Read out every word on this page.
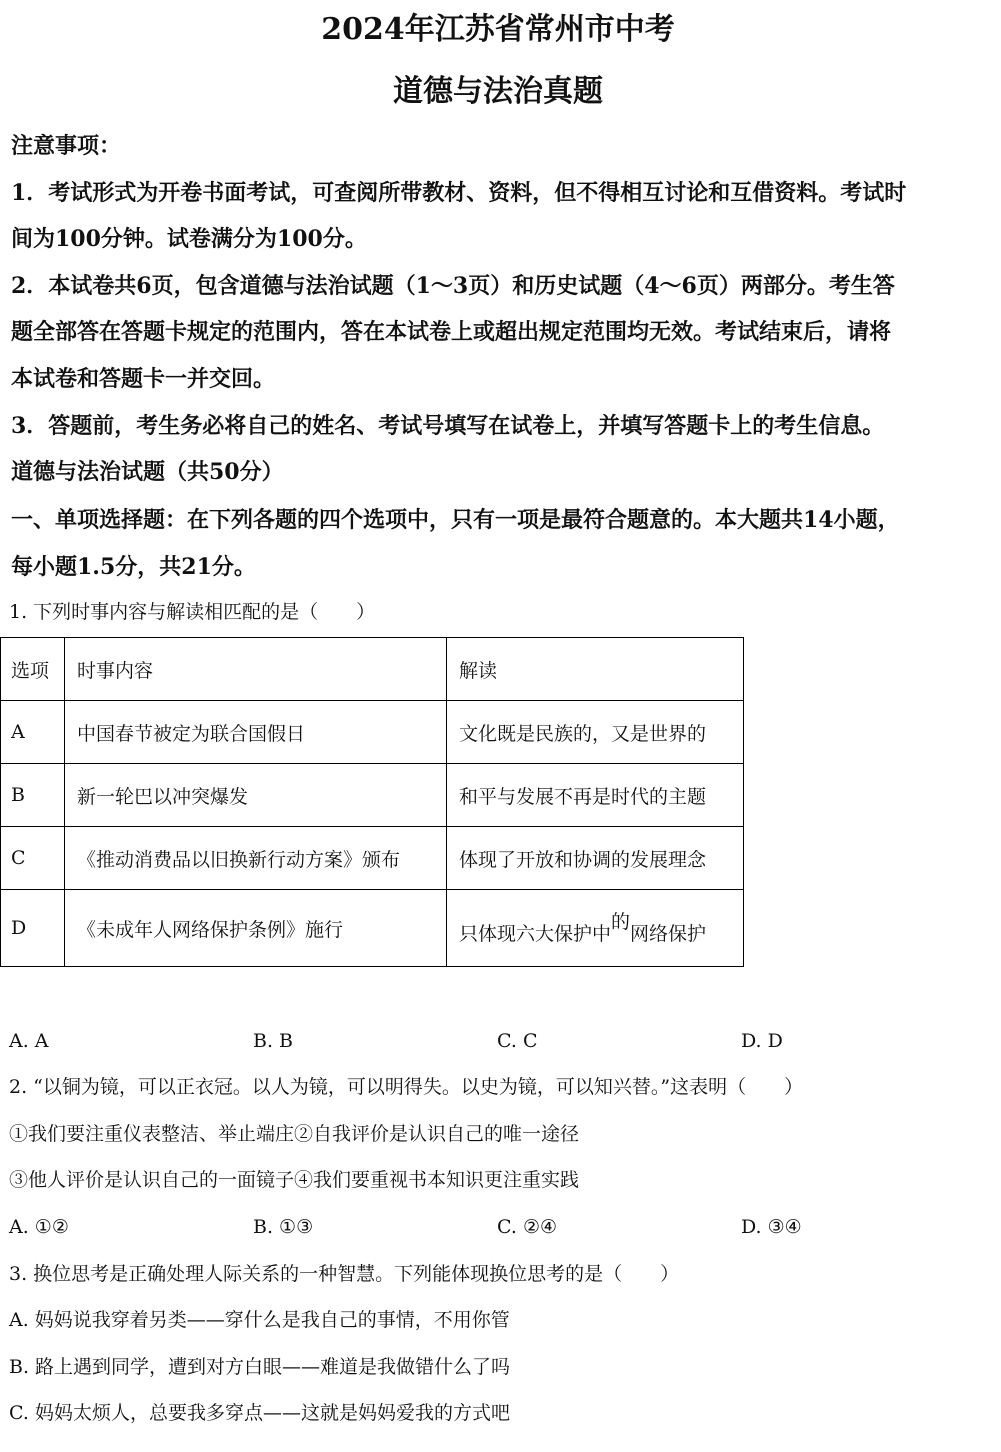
2024年江苏省常州市中考
道德与法治真题
注意事项：
1．考试形式为开卷书面考试，可查阅所带教材、资料，但不得相互讨论和互借资料。考试时
间为100分钟。试卷满分为100分。
2．本试卷共6页，包含道德与法治试题（1～3页）和历史试题（4～6页）两部分。考生答
题全部答在答题卡规定的范围内，答在本试卷上或超出规定范围均无效。考试结束后，请将
本试卷和答题卡一并交回。
3．答题前，考生务必将自己的姓名、考试号填写在试卷上，并填写答题卡上的考生信息。
道德与法治试题（共50分）
一、单项选择题：在下列各题的四个选项中，只有一项是最符合题意的。本大题共14小题，
每小题1.5分，共21分。
1. 下列时事内容与解读相匹配的是（　　）
选项	时事内容	解读
A	中国春节被定为联合国假日	文化既是民族的，又是世界的
B	新一轮巴以冲突爆发	和平与发展不再是时代的主题
C	《推动消费品以旧换新行动方案》颁布	体现了开放和协调的发展理念
D	《未成年人网络保护条例》施行	只体现六大保护中的网络保护
A. A	B. B	C. C	D. D
2. “以铜为镜，可以正衣冠。以人为镜，可以明得失。以史为镜，可以知兴替。”这表明（　　）
①我们要注重仪表整洁、举止端庄②自我评价是认识自己的唯一途径
③他人评价是认识自己的一面镜子④我们要重视书本知识更注重实践
A. ①②	B. ①③	C. ②④	D. ③④
3. 换位思考是正确处理人际关系的一种智慧。下列能体现换位思考的是（　　）
A. 妈妈说我穿着另类——穿什么是我自己的事情，不用你管
B. 路上遇到同学，遭到对方白眼——难道是我做错什么了吗
C. 妈妈太烦人，总要我多穿点——这就是妈妈爱我的方式吧
